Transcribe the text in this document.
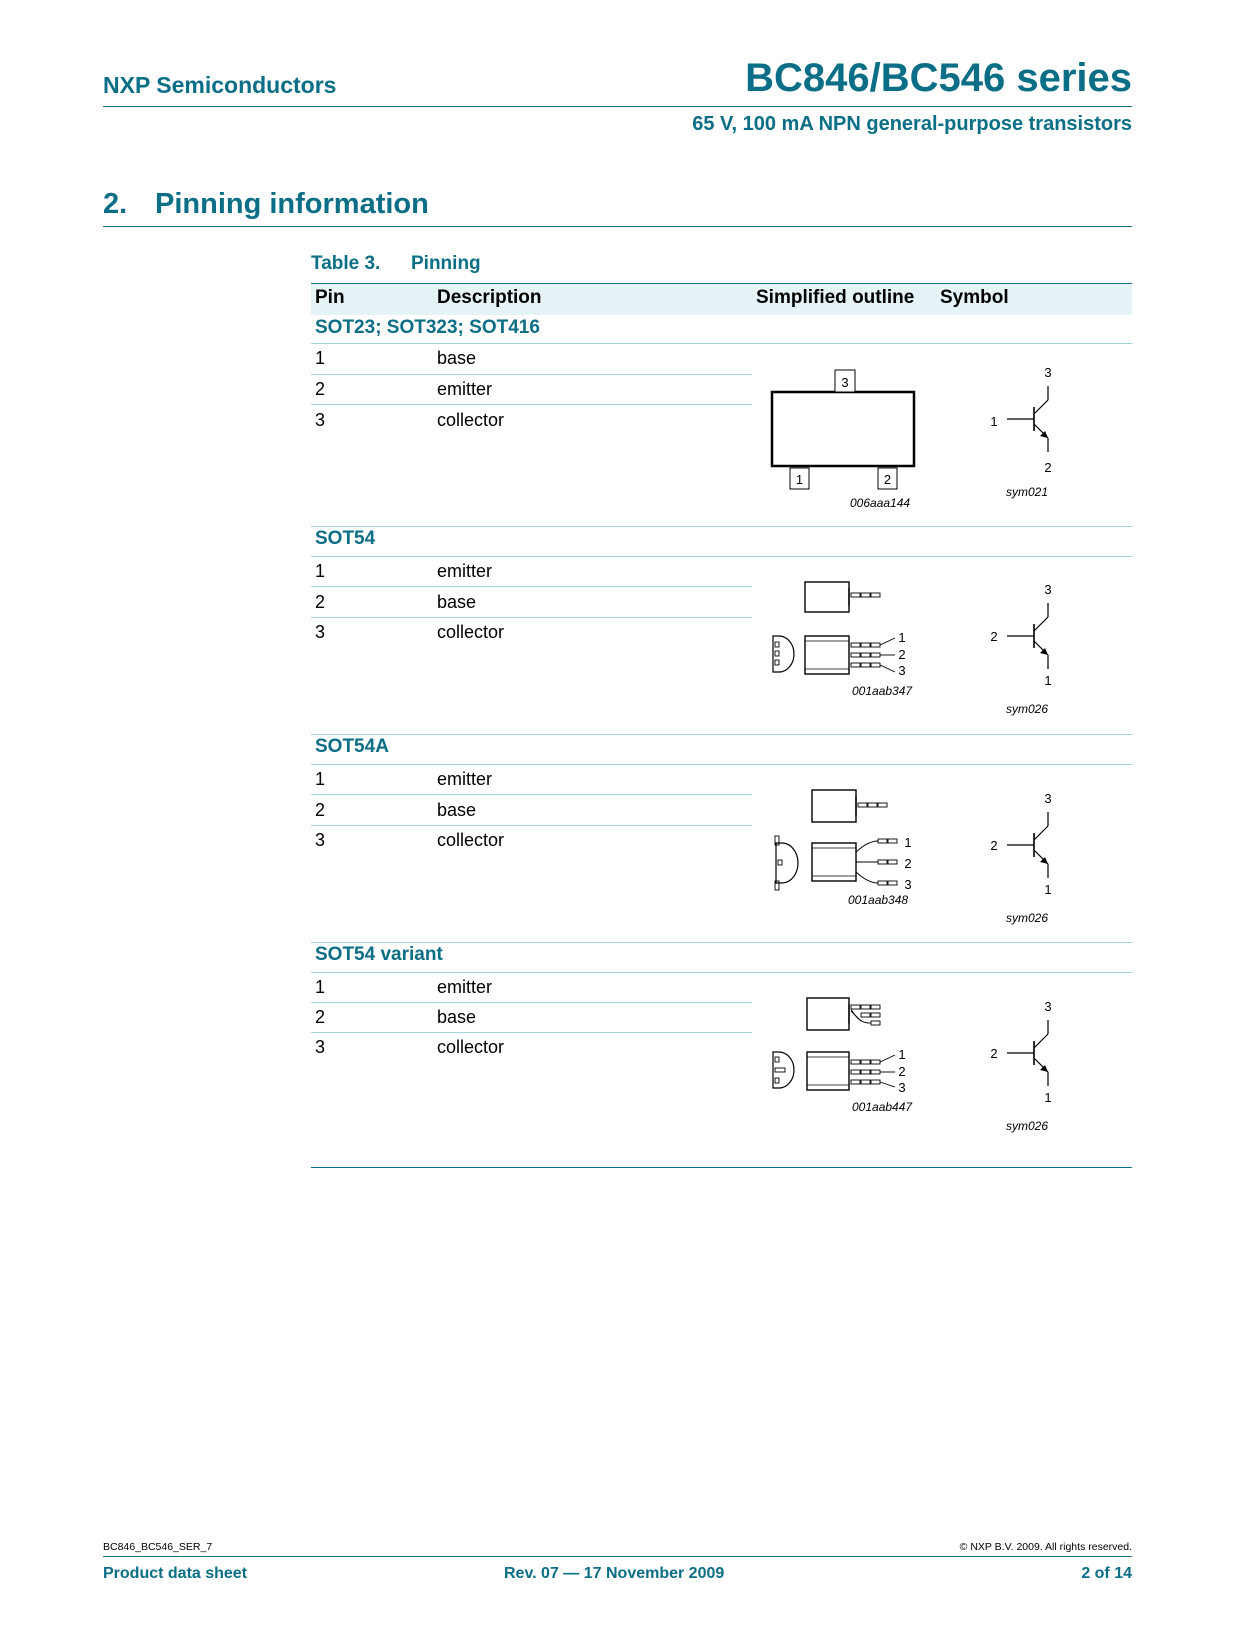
NXP Semiconductors	BC846/BC546 series
65 V, 100 mA NPN general-purpose transistors
2. Pinning information
Table 3. Pinning
Pin	Description	Simplified outline Symbol
SOT23; SOT323; SOT416
1	base
2	emitter
3	collector
3
1	2
006aaa144
3
1
2
sym021
SOT54
1	emitter
2	base
3	collector	1
2
3
001aab347
3
2
1
sym026
SOT54A
1	emitter
2	base
3	collector	1
2
3
001aab348
3
2
1
sym026
SOT54 variant
1	emitter
2	base
3	collector	1
2
3
001aab447
3
2
1
sym026
BC846_BC546_SER_7	© NXP B.V. 2009. All rights reserved.
Product data sheet	Rev. 07 — 17 November 2009	2 of 14
